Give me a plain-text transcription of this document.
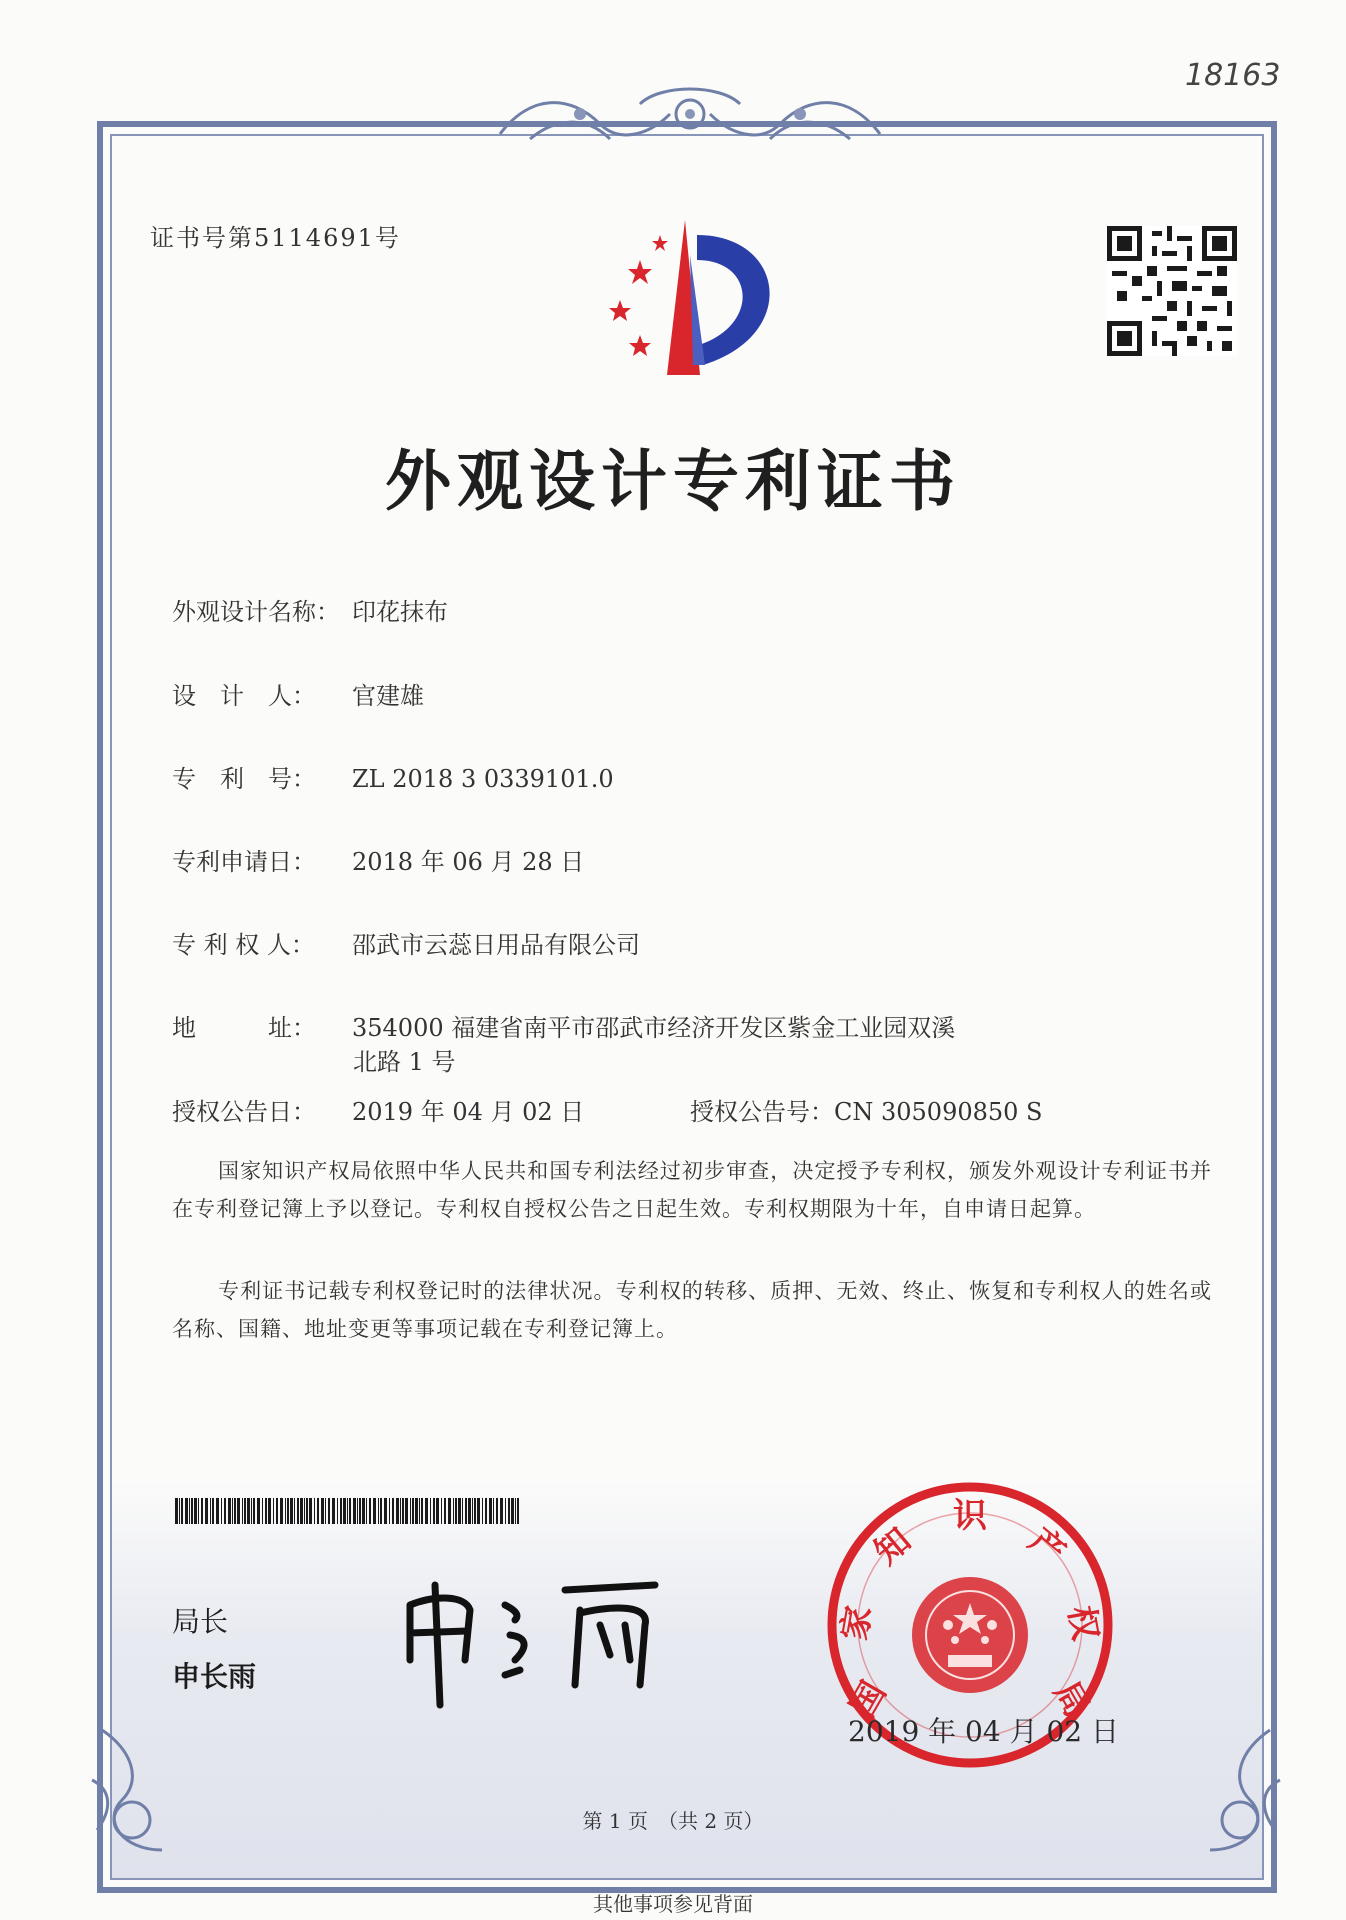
18163
证书号第5114691号
外观设计专利证书
外观设计名称： 印花抹布
设　计　人： 官建雄
专　利　号： ZL 2018 3 0339101.0
专利申请日： 2018 年 06 月 28 日
专 利 权 人： 邵武市云蕊日用品有限公司
地　　　址： 354000 福建省南平市邵武市经济开发区紫金工业园双溪
北路 1 号
授权公告日： 2019 年 04 月 02 日	授权公告号：CN 305090850 S
国家知识产权局依照中华人民共和国专利法经过初步审查，决定授予专利权，颁发外观设计专利证书并在专利登记簿上予以登记。专利权自授权公告之日起生效。专利权期限为十年，自申请日起算。
专利证书记载专利权登记时的法律状况。专利权的转移、质押、无效、终止、恢复和专利权人的姓名或名称、国籍、地址变更等事项记载在专利登记簿上。
局长
申长雨	国
家
知
识
产
权
局
2019 年 04 月 02 日
第 1 页　（共 2 页）
其他事项参见背面
